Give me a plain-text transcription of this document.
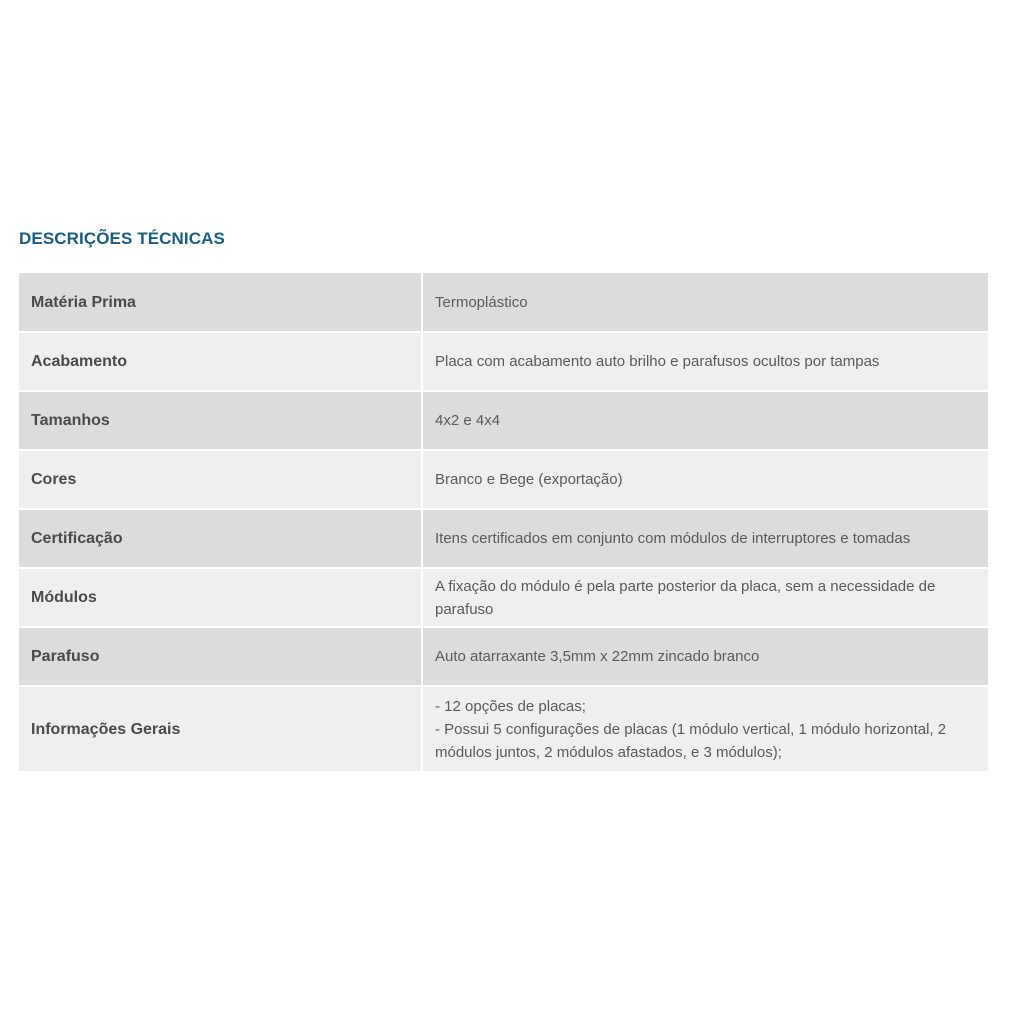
DESCRIÇÕES TÉCNICAS
Matéria Prima	Termoplástico
Acabamento	Placa com acabamento auto brilho e parafusos ocultos por tampas
Tamanhos	4x2 e 4x4
Cores	Branco e Bege (exportação)
Certificação	Itens certificados em conjunto com módulos de interruptores e tomadas
Módulos	A fixação do módulo é pela parte posterior da placa, sem a necessidade de parafuso
Parafuso	Auto atarraxante 3,5mm x 22mm zincado branco
Informações Gerais	- 12 opções de placas;
- Possui 5 configurações de placas (1 módulo vertical, 1 módulo horizontal, 2 módulos juntos, 2 módulos afastados, e 3 módulos);
